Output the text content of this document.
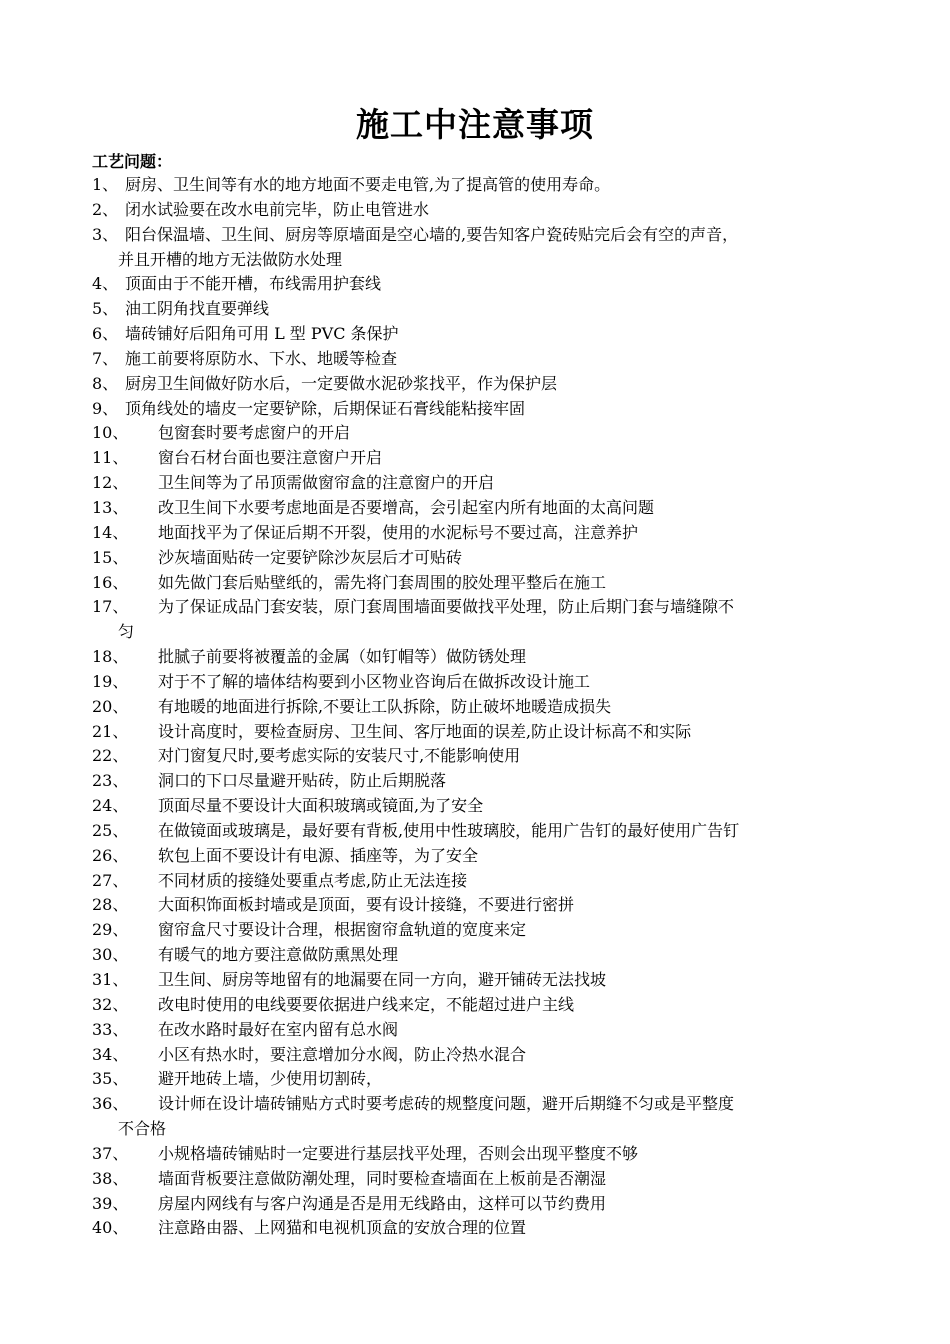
施工中注意事项
工艺问题：
1、 厨房、卫生间等有水的地方地面不要走电管,为了提高管的使用寿命。
2、 闭水试验要在改水电前完毕，防止电管进水
3、 阳台保温墙、卫生间、厨房等原墙面是空心墙的,要告知客户瓷砖贴完后会有空的声音，
并且开槽的地方无法做防水处理
4、 顶面由于不能开槽，布线需用护套线
5、 油工阴角找直要弹线
6、 墙砖铺好后阳角可用 L 型 PVC 条保护
7、 施工前要将原防水、下水、地暖等检查
8、 厨房卫生间做好防水后，一定要做水泥砂浆找平，作为保护层
9、 顶角线处的墙皮一定要铲除，后期保证石膏线能粘接牢固
10、 包窗套时要考虑窗户的开启
11、 窗台石材台面也要注意窗户开启
12、 卫生间等为了吊顶需做窗帘盒的注意窗户的开启
13、 改卫生间下水要考虑地面是否要增高，会引起室内所有地面的太高问题
14、 地面找平为了保证后期不开裂，使用的水泥标号不要过高，注意养护
15、 沙灰墙面贴砖一定要铲除沙灰层后才可贴砖
16、 如先做门套后贴壁纸的，需先将门套周围的胶处理平整后在施工
17、 为了保证成品门套安装，原门套周围墙面要做找平处理，防止后期门套与墙缝隙不
匀
18、 批腻子前要将被覆盖的金属（如钉帽等）做防锈处理
19、 对于不了解的墙体结构要到小区物业咨询后在做拆改设计施工
20、 有地暖的地面进行拆除,不要让工队拆除，防止破坏地暖造成损失
21、 设计高度时，要检查厨房、卫生间、客厅地面的误差,防止设计标高不和实际
22、 对门窗复尺时,要考虑实际的安装尺寸,不能影响使用
23、 洞口的下口尽量避开贴砖，防止后期脱落
24、 顶面尽量不要设计大面积玻璃或镜面,为了安全
25、 在做镜面或玻璃是，最好要有背板,使用中性玻璃胶，能用广告钉的最好使用广告钉
26、 软包上面不要设计有电源、插座等，为了安全
27、 不同材质的接缝处要重点考虑,防止无法连接
28、 大面积饰面板封墙或是顶面，要有设计接缝，不要进行密拼
29、 窗帘盒尺寸要设计合理，根据窗帘盒轨道的宽度来定
30、 有暖气的地方要注意做防熏黑处理
31、 卫生间、厨房等地留有的地漏要在同一方向，避开铺砖无法找坡
32、 改电时使用的电线要要依据进户线来定，不能超过进户主线
33、 在改水路时最好在室内留有总水阀
34、 小区有热水时，要注意增加分水阀，防止冷热水混合
35、 避开地砖上墙，少使用切割砖，
36、 设计师在设计墙砖铺贴方式时要考虑砖的规整度问题，避开后期缝不匀或是平整度
不合格
37、 小规格墙砖铺贴时一定要进行基层找平处理，否则会出现平整度不够
38、 墙面背板要注意做防潮处理，同时要检查墙面在上板前是否潮湿
39、 房屋内网线有与客户沟通是否是用无线路由，这样可以节约费用
40、 注意路由器、上网猫和电视机顶盒的安放合理的位置
